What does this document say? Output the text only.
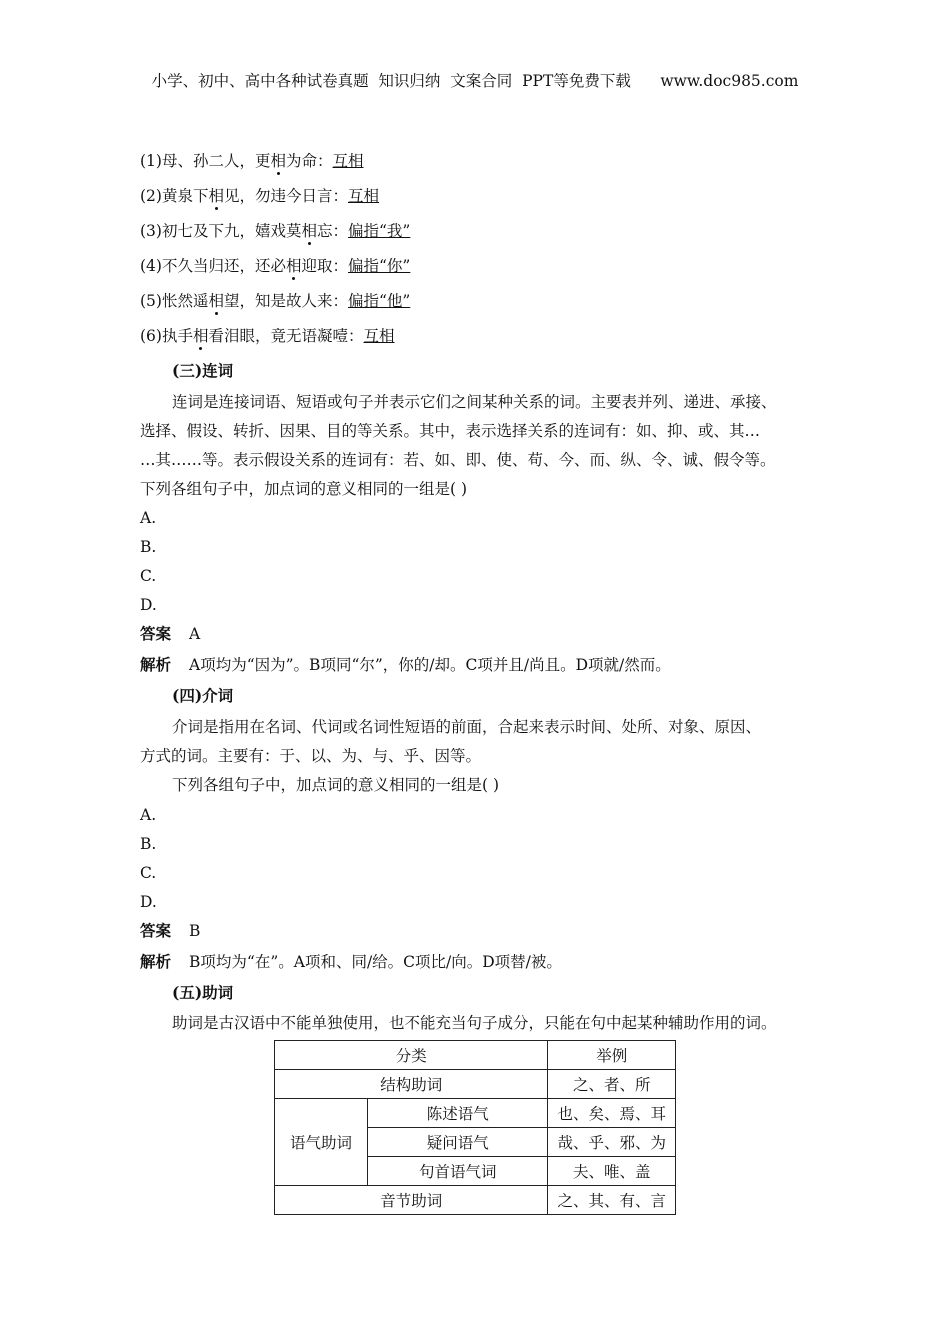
小学、初中、高中各种试卷真题  知识归纳  文案合同  PPT等免费下载      www.doc985.com
(1)母、孙二人，更相为命：互相
(2)黄泉下相见，勿违今日言：互相
(3)初七及下九，嬉戏莫相忘：偏指“我”
(4)不久当归还，还必相迎取：偏指“你”
(5)怅然遥相望，知是故人来：偏指“他”
(6)执手相看泪眼，竟无语凝噎：互相
(三)连词
连词是连接词语、短语或句子并表示它们之间某种关系的词。主要表并列、递进、承接、
选择、假设、转折、因果、目的等关系。其中，表示选择关系的连词有：如、抑、或、其…
…其……等。表示假设关系的连词有：若、如、即、使、苟、今、而、纵、令、诚、假令等。
下列各组句子中，加点词的意义相同的一组是( )
A.
B.
C.
D.
答案 A
解析 A项均为“因为”。B项同“尔”，你的/却。C项并且/尚且。D项就/然而。
(四)介词
介词是指用在名词、代词或名词性短语的前面，合起来表示时间、处所、对象、原因、
方式的词。主要有：于、以、为、与、乎、因等。
下列各组句子中，加点词的意义相同的一组是( )
A.
B.
C.
D.
答案 B
解析 B项均为“在”。A项和、同/给。C项比/向。D项替/被。
(五)助词
助词是古汉语中不能单独使用，也不能充当句子成分，只能在句中起某种辅助作用的词。
分类		举例
结构助词		之、者、所
语气助词	陈述语气	也、矣、焉、耳
	疑问语气	哉、乎、邪、为
	句首语气词	夫、唯、盖
音节助词		之、其、有、言
